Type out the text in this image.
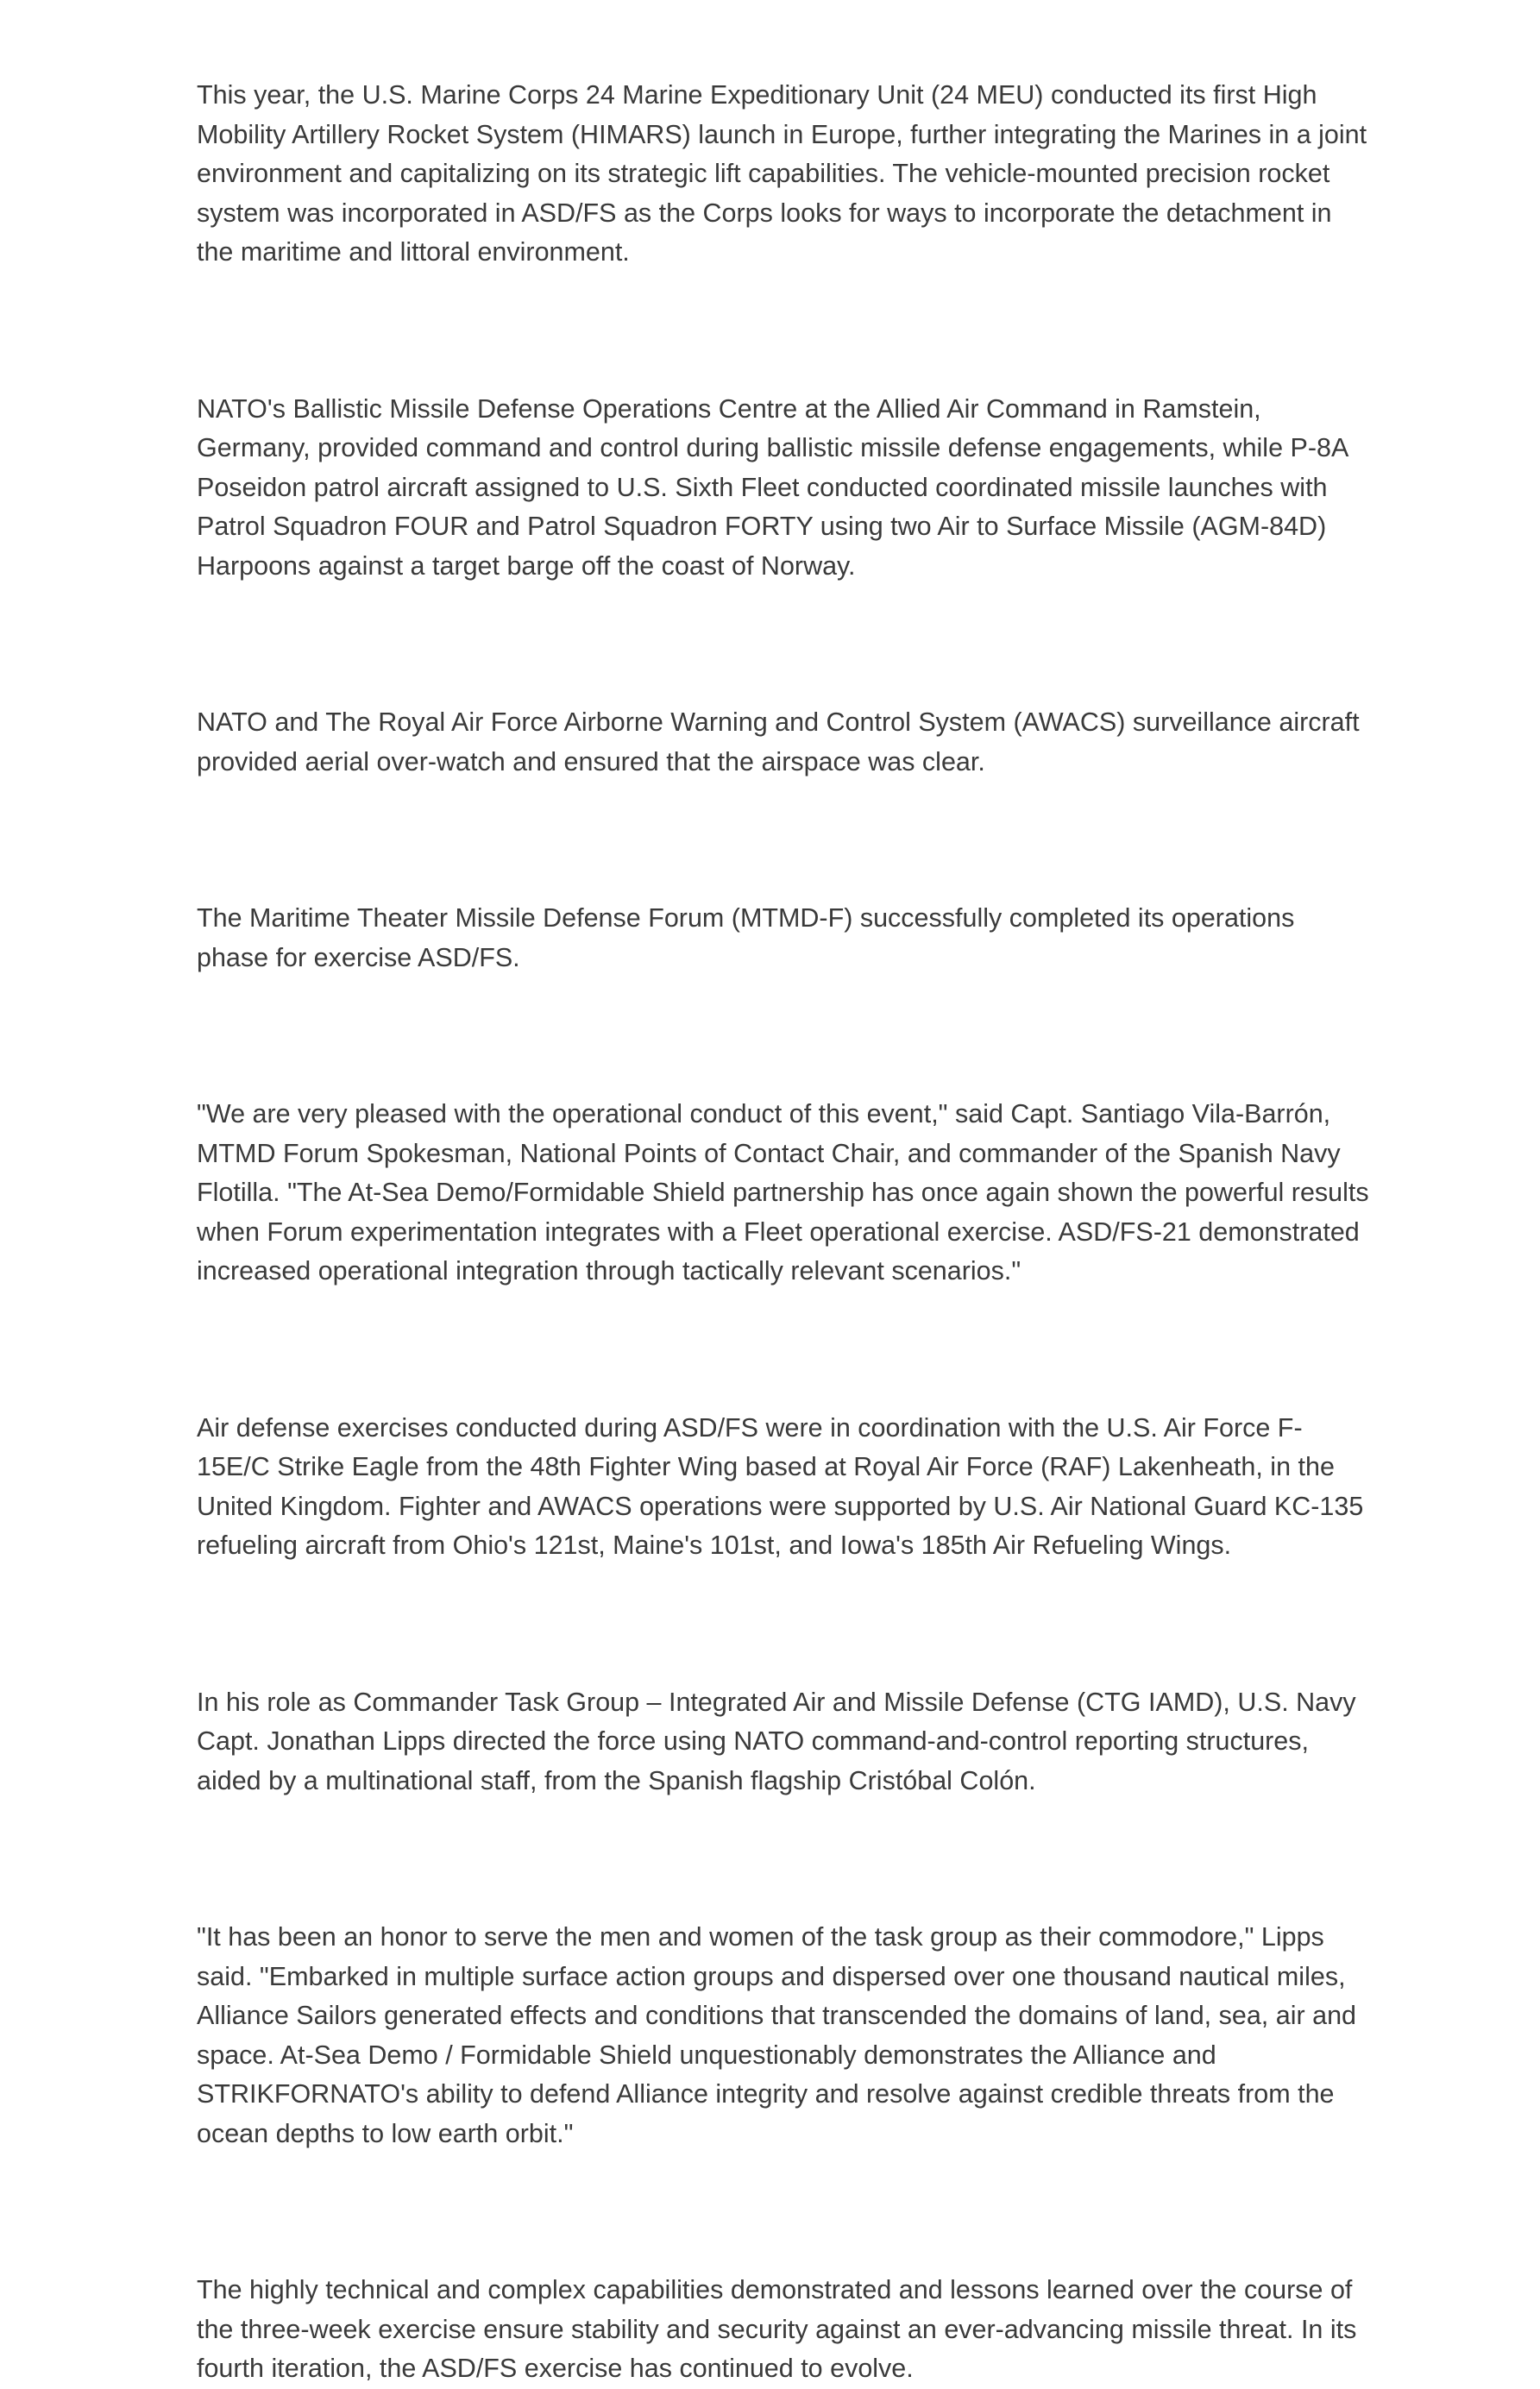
This year, the U.S. Marine Corps 24 Marine Expeditionary Unit (24 MEU) conducted its first High Mobility Artillery Rocket System (HIMARS) launch in Europe, further integrating the Marines in a joint environment and capitalizing on its strategic lift capabilities. The vehicle-mounted precision rocket system was incorporated in ASD/FS as the Corps looks for ways to incorporate the detachment in the maritime and littoral environment.

NATO's Ballistic Missile Defense Operations Centre at the Allied Air Command in Ramstein, Germany, provided command and control during ballistic missile defense engagements, while P-8A Poseidon patrol aircraft assigned to U.S. Sixth Fleet conducted coordinated missile launches with Patrol Squadron FOUR and Patrol Squadron FORTY using two Air to Surface Missile (AGM-84D) Harpoons against a target barge off the coast of Norway.

NATO and The Royal Air Force Airborne Warning and Control System (AWACS) surveillance aircraft provided aerial over-watch and ensured that the airspace was clear.

The Maritime Theater Missile Defense Forum (MTMD-F) successfully completed its operations phase for exercise ASD/FS.

"We are very pleased with the operational conduct of this event," said Capt. Santiago Vila-Barrón, MTMD Forum Spokesman, National Points of Contact Chair, and commander of the Spanish Navy Flotilla. "The At-Sea Demo/Formidable Shield partnership has once again shown the powerful results when Forum experimentation integrates with a Fleet operational exercise. ASD/FS-21 demonstrated increased operational integration through tactically relevant scenarios."

Air defense exercises conducted during ASD/FS were in coordination with the U.S. Air Force F-15E/C Strike Eagle from the 48th Fighter Wing based at Royal Air Force (RAF) Lakenheath, in the United Kingdom. Fighter and AWACS operations were supported by U.S. Air National Guard KC-135 refueling aircraft from Ohio's 121st, Maine's 101st, and Iowa's 185th Air Refueling Wings.

In his role as Commander Task Group – Integrated Air and Missile Defense (CTG IAMD), U.S. Navy Capt. Jonathan Lipps directed the force using NATO command-and-control reporting structures, aided by a multinational staff, from the Spanish flagship Cristóbal Colón.

"It has been an honor to serve the men and women of the task group as their commodore," Lipps said. "Embarked in multiple surface action groups and dispersed over one thousand nautical miles, Alliance Sailors generated effects and conditions that transcended the domains of land, sea, air and space. At-Sea Demo / Formidable Shield unquestionably demonstrates the Alliance and STRIKFORNATO's ability to defend Alliance integrity and resolve against credible threats from the ocean depths to low earth orbit."

The highly technical and complex capabilities demonstrated and lessons learned over the course of the three-week exercise ensure stability and security against an ever-advancing missile threat. In its fourth iteration, the ASD/FS exercise has continued to evolve.
